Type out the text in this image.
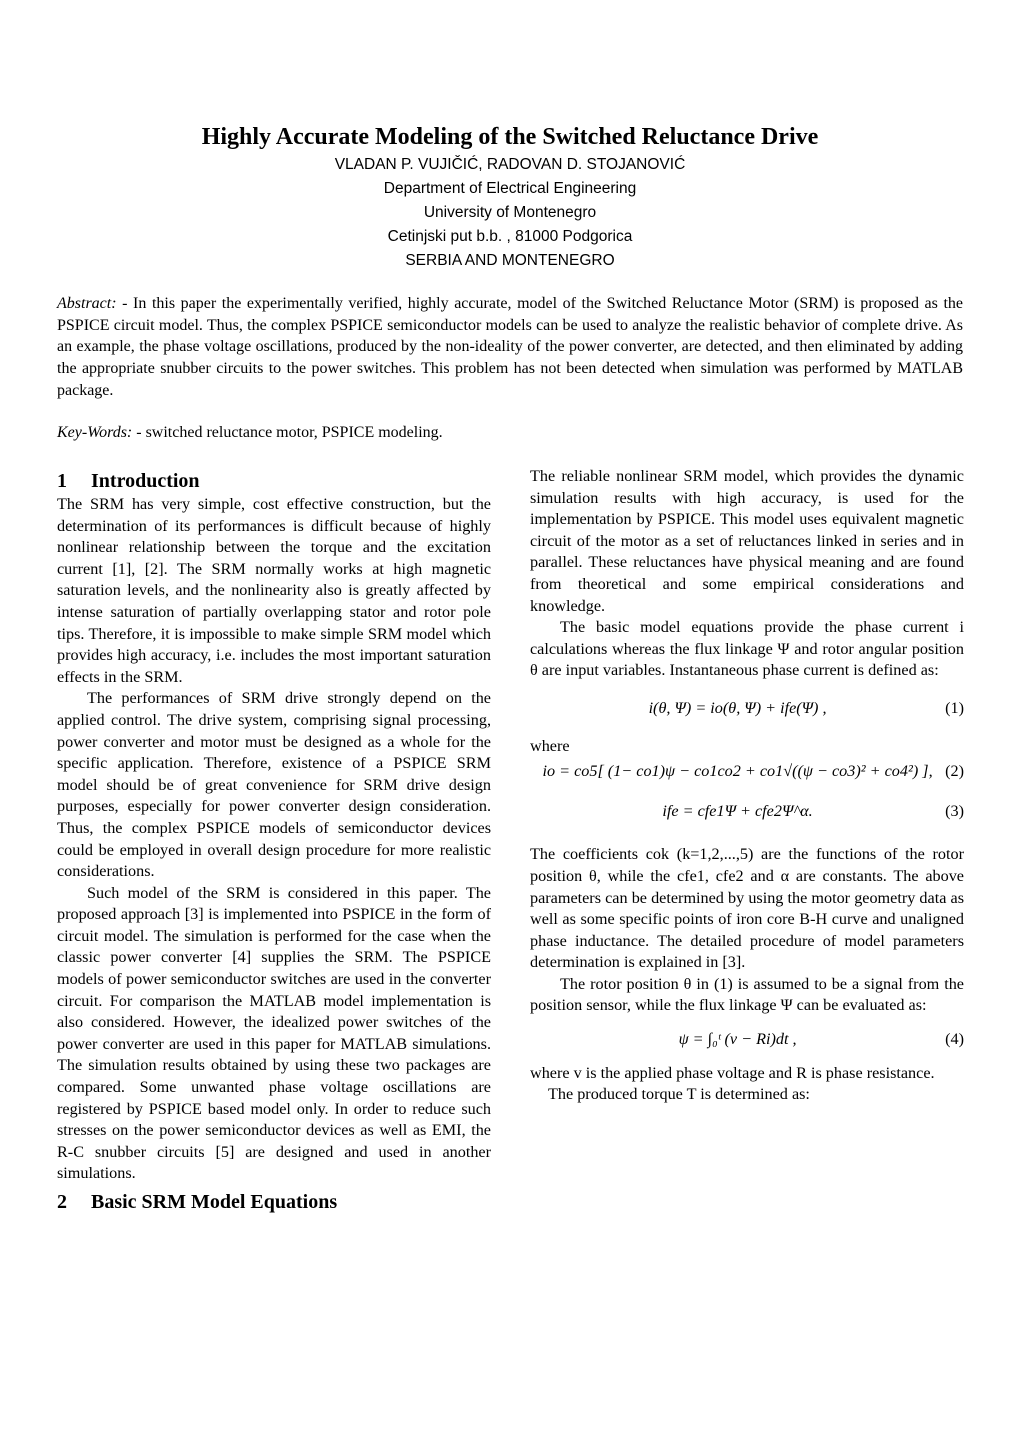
Highly Accurate Modeling of the Switched Reluctance Drive
VLADAN P. VUJIČIĆ, RADOVAN D. STOJANOVIĆ
Department of Electrical Engineering
University of Montenegro
Cetinjski put b.b. , 81000 Podgorica
SERBIA AND MONTENEGRO
Abstract: - In this paper the experimentally verified, highly accurate, model of the Switched Reluctance Motor (SRM) is proposed as the PSPICE circuit model. Thus, the complex PSPICE semiconductor models can be used to analyze the realistic behavior of complete drive. As an example, the phase voltage oscillations, produced by the non-ideality of the power converter, are detected, and then eliminated by adding the appropriate snubber circuits to the power switches. This problem has not been detected when simulation was performed by MATLAB package.
Key-Words: - switched reluctance motor, PSPICE modeling.
1 Introduction

The SRM has very simple, cost effective construction, but the determination of its performances is difficult because of highly nonlinear relationship between the torque and the excitation current [1], [2]. The SRM normally works at high magnetic saturation levels, and the nonlinearity also is greatly affected by intense saturation of partially overlapping stator and rotor pole tips. Therefore, it is impossible to make simple SRM model which provides high accuracy, i.e. includes the most important saturation effects in the SRM.

The performances of SRM drive strongly depend on the applied control. The drive system, comprising signal processing, power converter and motor must be designed as a whole for the specific application. Therefore, existence of a PSPICE SRM model should be of great convenience for SRM drive design purposes, especially for power converter design consideration. Thus, the complex PSPICE models of semiconductor devices could be employed in overall design procedure for more realistic considerations.

Such model of the SRM is considered in this paper. The proposed approach [3] is implemented into PSPICE in the form of circuit model. The simulation is performed for the case when the classic power converter [4] supplies the SRM. The PSPICE models of power semiconductor switches are used in the converter circuit. For comparison the MATLAB model implementation is also considered. However, the idealized power switches of the power converter are used in this paper for MATLAB simulations. The simulation results obtained by using these two packages are compared. Some unwanted phase voltage oscillations are registered by PSPICE based model only. In order to reduce such stresses on the power semiconductor devices as well as EMI, the R-C snubber circuits [5] are designed and used in another simulations.

2 Basic SRM Model Equations

The reliable nonlinear SRM model, which provides the dynamic simulation results with high accuracy, is used for the implementation by PSPICE. This model uses equivalent magnetic circuit of the motor as a set of reluctances linked in series and in parallel. These reluctances have physical meaning and are found from theoretical and some empirical considerations and knowledge.

The basic model equations provide the phase current i calculations whereas the flux linkage Ψ and rotor angular position θ are input variables. Instantaneous phase current is defined as:

i(θ, Ψ) = io(θ, Ψ) + ife(Ψ) ,	(1)

where

io = co5[ (1− co1)ψ − co1co2 + co1√((ψ − co3)² + co4²) ], (2)
ife = cfe1Ψ + cfe2Ψ^α.	(3)

The coefficients cok (k=1,2,...,5) are the functions of the rotor position θ, while the cfe1, cfe2 and α are constants. The above parameters can be determined by using the motor geometry data as well as some specific points of iron core B-H curve and unaligned phase inductance. The detailed procedure of model parameters determination is explained in [3].

The rotor position θ in (1) is assumed to be a signal from the position sensor, while the flux linkage Ψ can be evaluated as:

ψ = ∫₀ᵗ (v − Ri)dt ,	(4)

where v is the applied phase voltage and R is phase resistance.

The produced torque T is determined as:
